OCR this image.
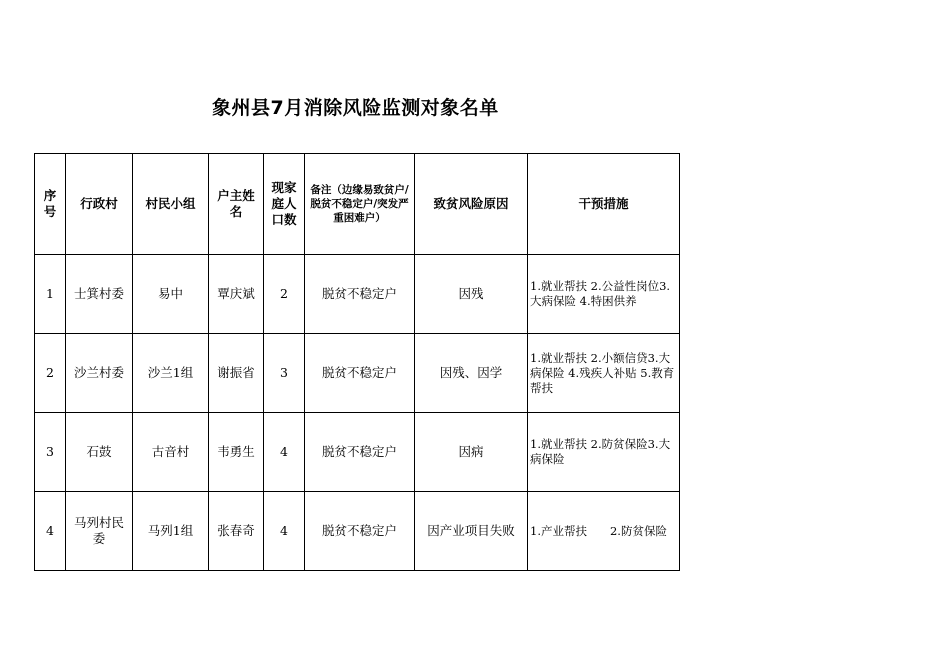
象州县7月消除风险监测对象名单
序号	行政村	村民小组	户主姓名	现家庭人口数	备注（边缘易致贫户/脱贫不稳定户/突发严重困难户）	致贫风险原因	干预措施
1	士箕村委	易中	覃庆斌	2	脱贫不稳定户	因残	1.就业帮扶 2.公益性岗位3.大病保险 4.特困供养
2	沙兰村委	沙兰1组	谢振省	3	脱贫不稳定户	因残、因学	1.就业帮扶 2.小额信贷3.大病保险 4.残疾人补贴 5.教育帮扶
3	石鼓	古音村	韦勇生	4	脱贫不稳定户	因病	1.就业帮扶 2.防贫保险3.大病保险
4	马列村民委	马列1组	张春奇	4	脱贫不稳定户	因产业项目失败	1.产业帮扶　　2.防贫保险
